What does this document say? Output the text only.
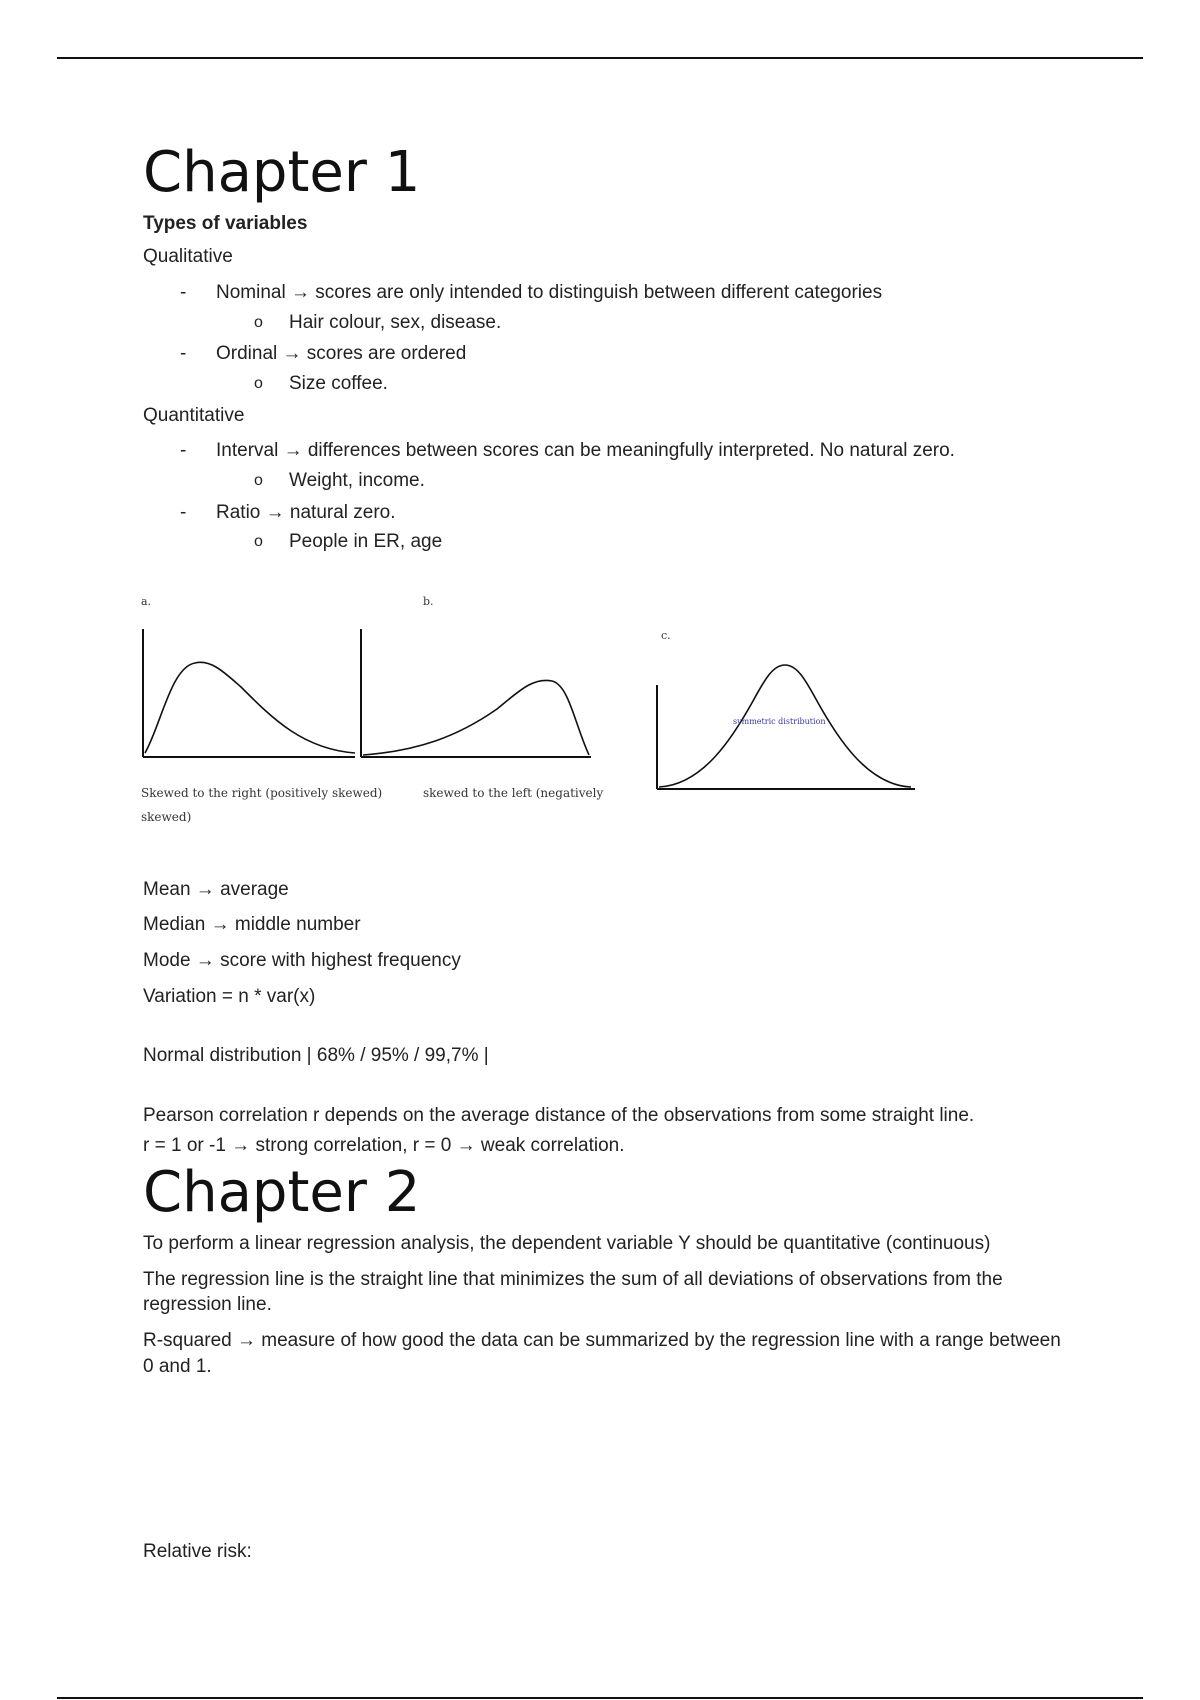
Chapter 1
Types of variables
Qualitative
- Nominal → scores are only intended to distinguish between different categories
o Hair colour, sex, disease.
- Ordinal → scores are ordered
o Size coffee.
Quantitative
- Interval → differences between scores can be meaningfully interpreted. No natural zero.
o Weight, income.
- Ratio → natural zero.
o People in ER, age
a.
Skewed to the right (positively skewed)
skewed)
b.
skewed to the left (negatively
c.
symmetric distribution
Mean → average
Median → middle number
Mode → score with highest frequency
Variation = n * var(x)
Normal distribution | 68% / 95% / 99,7% |
Pearson correlation r depends on the average distance of the observations from some straight line.
r = 1 or -1 → strong correlation, r = 0 → weak correlation.
Chapter 2
To perform a linear regression analysis, the dependent variable Y should be quantitative (continuous)
The regression line is the straight line that minimizes the sum of all deviations of observations from the regression line.
R-squared → measure of how good the data can be summarized by the regression line with a range between 0 and 1.
Relative risk:
